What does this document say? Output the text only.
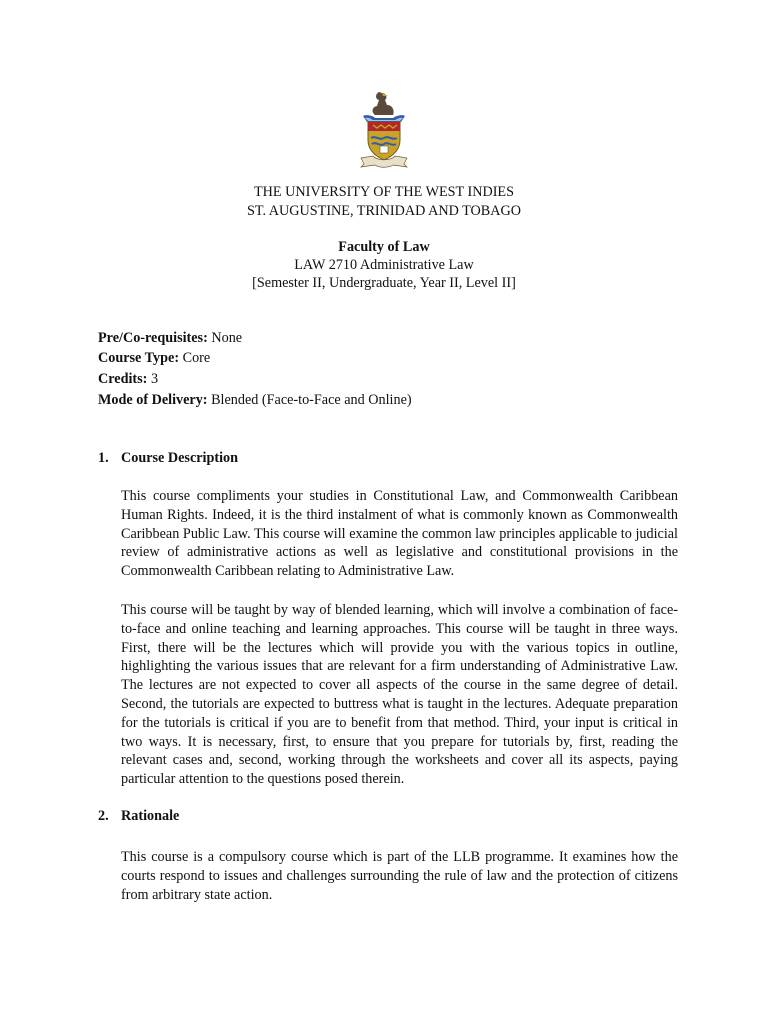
THE UNIVERSITY OF THE WEST INDIES
ST. AUGUSTINE, TRINIDAD AND TOBAGO
Faculty of Law
LAW 2710 Administrative Law
[Semester II, Undergraduate, Year II, Level II]
Pre/Co-requisites: None
Course Type: Core
Credits: 3
Mode of Delivery: Blended (Face-to-Face and Online)
1. Course Description
This course compliments your studies in Constitutional Law, and Commonwealth Caribbean Human Rights. Indeed, it is the third instalment of what is commonly known as Commonwealth Caribbean Public Law. This course will examine the common law principles applicable to judicial review of administrative actions as well as legislative and constitutional provisions in the Commonwealth Caribbean relating to Administrative Law.
This course will be taught by way of blended learning, which will involve a combination of face-to-face and online teaching and learning approaches. This course will be taught in three ways. First, there will be the lectures which will provide you with the various topics in outline, highlighting the various issues that are relevant for a firm understanding of Administrative Law. The lectures are not expected to cover all aspects of the course in the same degree of detail. Second, the tutorials are expected to buttress what is taught in the lectures. Adequate preparation for the tutorials is critical if you are to benefit from that method. Third, your input is critical in two ways. It is necessary, first, to ensure that you prepare for tutorials by, first, reading the relevant cases and, second, working through the worksheets and cover all its aspects, paying particular attention to the questions posed therein.
2. Rationale
This course is a compulsory course which is part of the LLB programme. It examines how the courts respond to issues and challenges surrounding the rule of law and the protection of citizens from arbitrary state action.
